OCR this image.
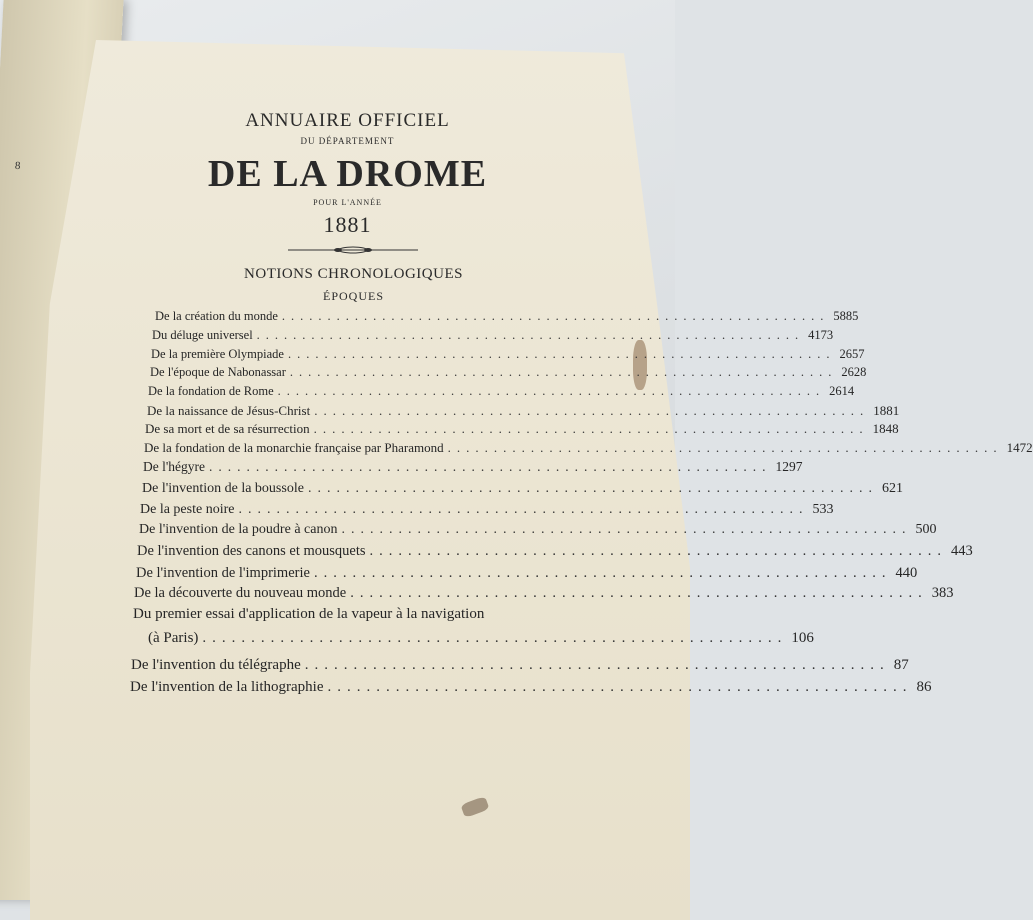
8
ANNUAIRE OFFICIEL
DU DÉPARTEMENT
DE LA DROME
POUR L'ANNÉE
1881
NOTIONS CHRONOLOGIQUES
ÉPOQUES
De la création du monde ............................................................ 5885
Du déluge universel ............................................................ 4173
De la première Olympiade ............................................................ 2657
De l'époque de Nabonassar ............................................................ 2628
De la fondation de Rome ............................................................ 2614
De la naissance de Jésus-Christ ............................................................ 1881
De sa mort et de sa résurrection ............................................................ 1848
De la fondation de la monarchie française par Pharamond ............................................................ 1472
De l'hégyre ............................................................ 1297
De l'invention de la boussole ............................................................ 621
De la peste noire ............................................................ 533
De l'invention de la poudre à canon ............................................................ 500
De l'invention des canons et mousquets ............................................................ 443
De l'invention de l'imprimerie ............................................................ 440
De la découverte du nouveau monde ............................................................ 383
Du premier essai d'application de la vapeur à la navigation
(à Paris) ............................................................ 106
De l'invention du télégraphe ............................................................ 87
De l'invention de la lithographie ............................................................ 86
